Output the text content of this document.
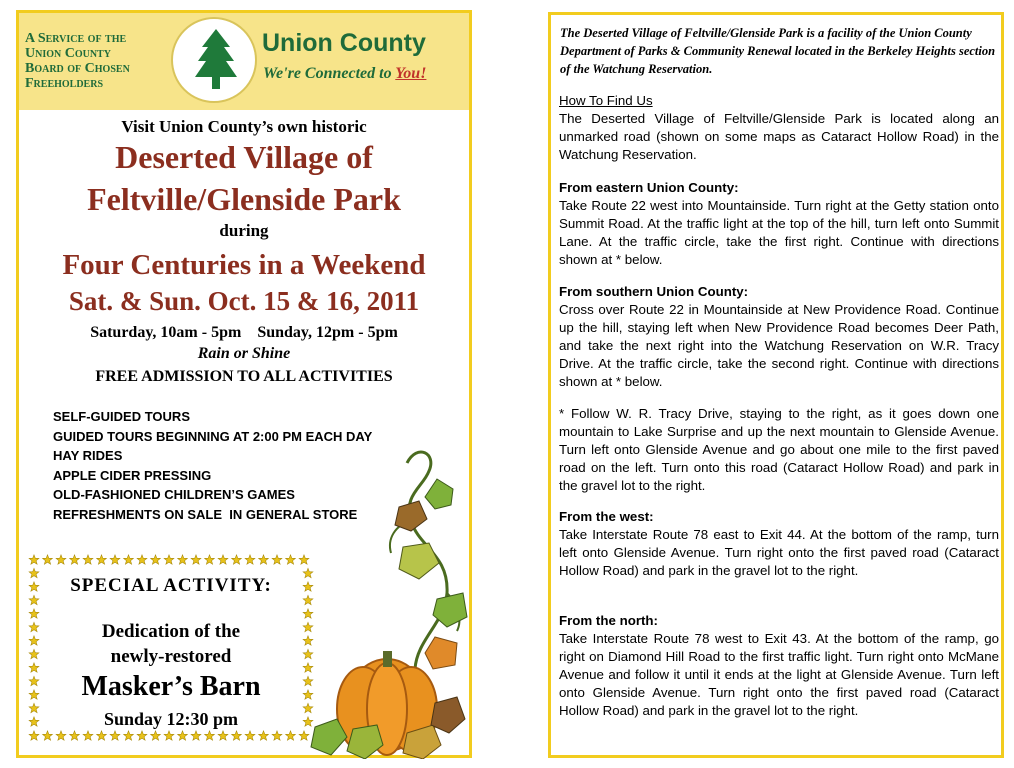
A Service of the
Union County
Board of Chosen
Freeholders
Union County
We're Connected to You!
Visit Union County’s own historic
Deserted Village of
Feltville/Glenside Park
during
Four Centuries in a Weekend
Sat. & Sun. Oct. 15 & 16, 2011
Saturday, 10am - 5pm    Sunday, 12pm - 5pm
Rain or Shine
FREE ADMISSION TO ALL ACTIVITIES
SELF-GUIDED TOURS
GUIDED TOURS BEGINNING AT 2:00 PM EACH DAY
HAY RIDES
APPLE CIDER PRESSING
OLD-FASHIONED CHILDREN’S GAMES
REFRESHMENTS ON SALE  IN GENERAL STORE
SPECIAL ACTIVITY:
Dedication of the
newly-restored
Masker’s Barn
Sunday 12:30 pm

The Deserted Village of Feltville/Glenside Park is a facility of the Union County Department of Parks & Community Renewal located in the Berkeley Heights section of the Watchung Reservation.

How To Find Us
The Deserted Village of Feltville/Glenside Park is located along an unmarked road (shown on some maps as Cataract Hollow Road) in the Watchung Reservation.
From eastern Union County:
Take Route 22 west into Mountainside. Turn right at the Getty station onto Summit Road. At the traffic light at the top of the hill, turn left onto Summit Lane. At the traffic circle, take the first right. Continue with directions shown at * below.
From southern Union County:
Cross over Route 22 in Mountainside at New Providence Road. Continue up the hill, staying left when New Providence Road becomes Deer Path, and take the next right into the Watchung Reservation on W.R. Tracy Drive. At the traffic circle, take the second right. Continue with directions shown at * below.
* Follow W. R. Tracy Drive, staying to the right, as it goes down one mountain to Lake Surprise and up the next mountain to Glenside Avenue. Turn left onto Glenside Avenue and go about one mile to the first paved road on the left. Turn onto this road (Cataract Hollow Road) and park in the gravel lot to the right.
From the west:
Take Interstate Route 78 east to Exit 44. At the bottom of the ramp, turn left onto Glenside Avenue. Turn right onto the first paved road (Cataract Hollow Road) and park in the gravel lot to the right.
From the north:
Take Interstate Route 78 west to Exit 43. At the bottom of the ramp, go right on Diamond Hill Road to the first traffic light. Turn right onto McMane Avenue and follow it until it ends at the light at Glenside Avenue. Turn left onto Glenside Avenue. Turn right onto the first paved road (Cataract Hollow Road) and park in the gravel lot to the right.
